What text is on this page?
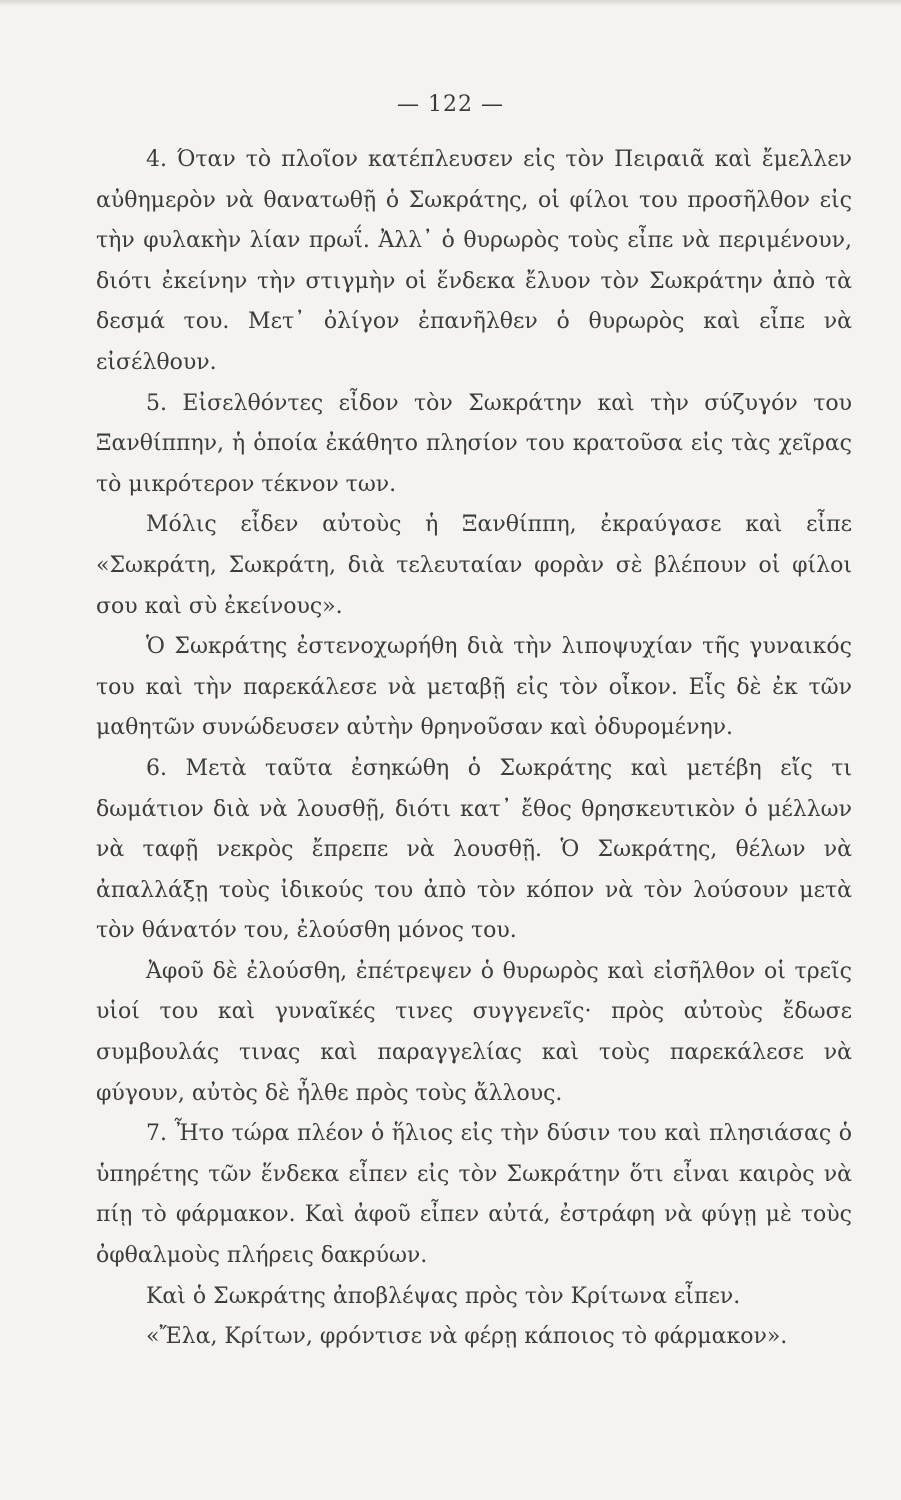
— 122 —

4. Όταν τὸ πλοῖον κατέπλευσεν εἰς τὸν Πειραιᾶ καὶ ἔμελλεν αὐθημερὸν νὰ θανατωθῇ ὁ Σωκράτης, οἱ φίλοι του προσῆλθον εἰς τὴν φυλακὴν λίαν πρωΐ. Ἀλλ᾽ ὁ θυρωρὸς τοὺς εἶπε νὰ περιμένουν, διότι ἐκείνην τὴν στιγμὴν οἱ ἕνδεκα ἔλυον τὸν Σωκράτην ἀπὸ τὰ δεσμά του. Μετ᾽ ὀλίγον ἐπανῆλθεν ὁ θυρωρὸς καὶ εἶπε νὰ εἰσέλθουν.

5. Εἰσελθόντες εἶδον τὸν Σωκράτην καὶ τὴν σύζυγόν του Ξανθίππην, ἡ ὁποία ἐκάθητο πλησίον του κρατοῦσα εἰς τὰς χεῖρας τὸ μικρότερον τέκνον των.

Μόλις εἶδεν αὐτοὺς ἡ Ξανθίππη, ἐκραύγασε καὶ εἶπε «Σωκράτη, Σωκράτη, διὰ τελευταίαν φορὰν σὲ βλέπουν οἱ φίλοι σου καὶ σὺ ἐκείνους».

Ὁ Σωκράτης ἐστενοχωρήθη διὰ τὴν λιποψυχίαν τῆς γυναικός του καὶ τὴν παρεκάλεσε νὰ μεταβῇ εἰς τὸν οἶκον. Εἷς δὲ ἐκ τῶν μαθητῶν συνώδευσεν αὐτὴν θρηνοῦσαν καὶ ὀδυρομένην.

6. Μετὰ ταῦτα ἐσηκώθη ὁ Σωκράτης καὶ μετέβη εἴς τι δωμάτιον διὰ νὰ λουσθῇ, διότι κατ᾽ ἔθος θρησκευτικὸν ὁ μέλλων νὰ ταφῇ νεκρὸς ἔπρεπε νὰ λουσθῇ. Ὁ Σωκράτης, θέλων νὰ ἀπαλλάξῃ τοὺς ἰδικούς του ἀπὸ τὸν κόπον νὰ τὸν λούσουν μετὰ τὸν θάνατόν του, ἐλούσθη μόνος του.

Ἀφοῦ δὲ ἐλούσθη, ἐπέτρεψεν ὁ θυρωρὸς καὶ εἰσῆλθον οἱ τρεῖς υἱοί του καὶ γυναῖκές τινες συγγενεῖς· πρὸς αὐτοὺς ἔδωσε συμβουλάς τινας καὶ παραγγελίας καὶ τοὺς παρεκάλεσε νὰ φύγουν, αὐτὸς δὲ ἦλθε πρὸς τοὺς ἄλλους.

7. Ἦτο τώρα πλέον ὁ ἥλιος εἰς τὴν δύσιν του καὶ πλησιάσας ὁ ὑπηρέτης τῶν ἕνδεκα εἶπεν εἰς τὸν Σωκράτην ὅτι εἶναι καιρὸς νὰ πίῃ τὸ φάρμακον. Καὶ ἀφοῦ εἶπεν αὐτά, ἐστράφη νὰ φύγῃ μὲ τοὺς ὀφθαλμοὺς πλήρεις δακρύων.

Καὶ ὁ Σωκράτης ἀποβλέψας πρὸς τὸν Κρίτωνα εἶπεν.

«Ἔλα, Κρίτων, φρόντισε νὰ φέρῃ κάποιος τὸ φάρμακον».
